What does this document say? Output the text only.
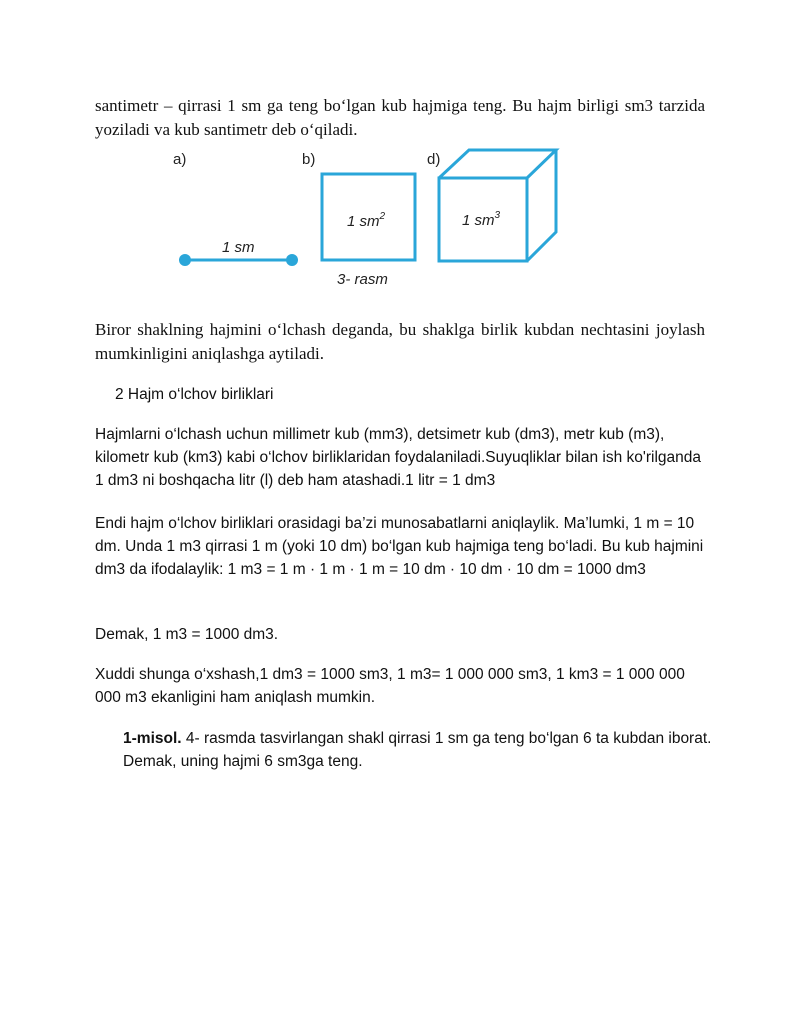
santimetr – qirrasi 1 sm ga teng bo‘lgan kub hajmiga teng. Bu hajm birligi sm3 tarzida yoziladi va kub santimetr deb o‘qiladi.

a)
1 sm
b)
1 $sm^2$
d)
1 $sm^3$
3- rasm

Biror shaklning hajmini o‘lchash deganda, bu shaklga birlik kubdan nechtasini joylash mumkinligini aniqlashga aytiladi.

2 Hajm o‘lchov birliklari

Hajmlarni o‘lchash uchun millimetr kub (mm3), detsimetr kub (dm3), metr kub (m3), kilometr kub (km3) kabi o‘lchov birliklaridan foydalaniladi.Suyuqliklar bilan ish ko'rilganda 1 dm3 ni boshqacha litr (l) deb ham atashadi.1 litr = 1 dm3

Endi hajm o‘lchov birliklari orasidagi ba’zi munosabatlarni aniqlaylik. Ma’lumki, 1 m = 10 dm. Unda 1 m3 qirrasi 1 m (yoki 10 dm) bo‘lgan kub hajmiga teng bo‘ladi. Bu kub hajmini dm3 da ifodalaylik: 1 m3 = 1 m · 1 m · 1 m = 10 dm · 10 dm · 10 dm = 1000 dm3

Demak, 1 m3 = 1000 dm3.

Xuddi shunga o‘xshash,1 dm3 = 1000 sm3, 1 m3= 1 000 000 sm3, 1 km3 = 1 000 000 000 m3 ekanligini ham aniqlash mumkin.

1-misol. 4- rasmda tasvirlangan shakl qirrasi 1 sm ga teng bo‘lgan 6 ta kubdan iborat. Demak, uning hajmi 6 sm3ga teng.
